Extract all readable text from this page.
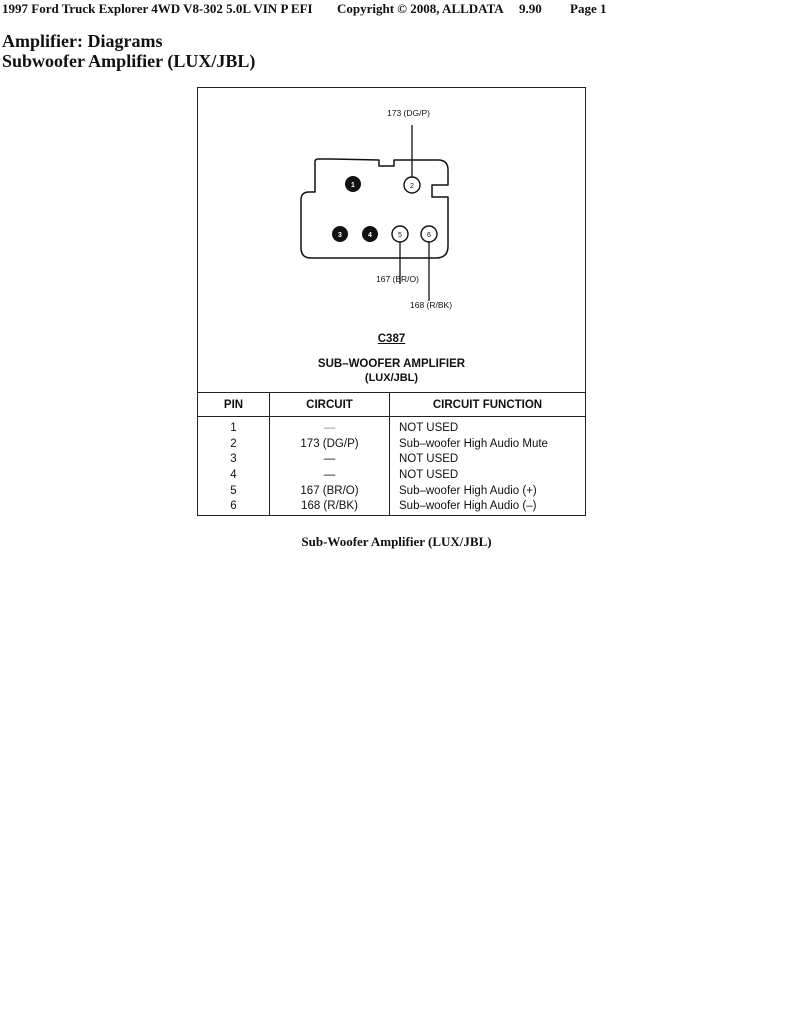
1997 Ford Truck Explorer 4WD V8-302 5.0L VIN P EFI Copyright © 2008, ALLDATA 9.90 Page 1
Amplifier: Diagrams
Subwoofer Amplifier (LUX/JBL)
1	2
3	4	5	6
173 (DG/P)
167 (BR/O)
168 (R/BK)
C387
SUB–WOOFER AMPLIFIER
(LUX/JBL)
PIN	CIRCUIT	CIRCUIT FUNCTION
1	—	NOT USED
2	173 (DG/P)	Sub–woofer High Audio Mute
3	—	NOT USED
4	—	NOT USED
5	167 (BR/O)	Sub–woofer High Audio (+)
6	168 (R/BK)	Sub–woofer High Audio (–)
Sub-Woofer Amplifier (LUX/JBL)
